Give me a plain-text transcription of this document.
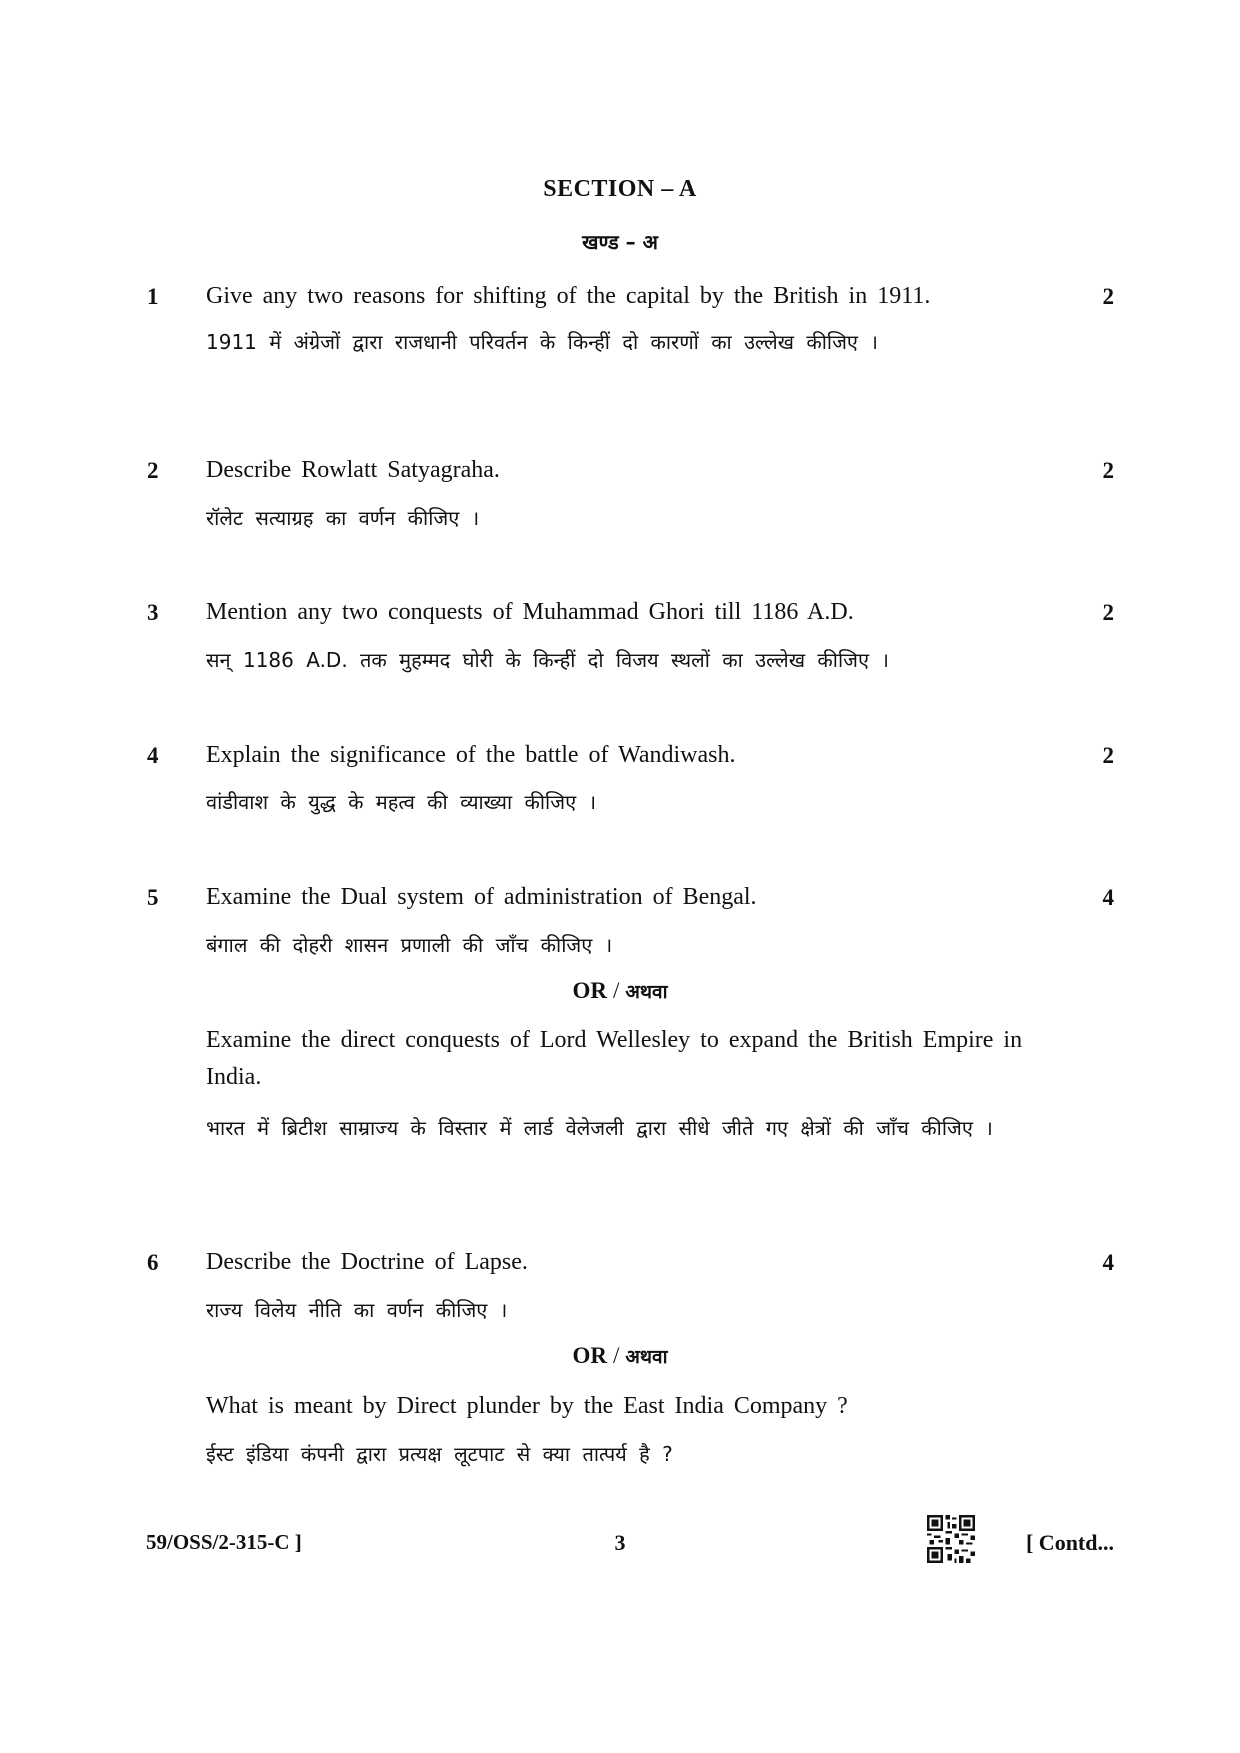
SECTION – A
खण्ड – अ
1 Give any two reasons for shifting of the capital by the British in 1911.	2
1911 में अंग्रेजों द्वारा राजधानी परिवर्तन के किन्हीं दो कारणों का उल्लेख कीजिए ।
2 Describe Rowlatt Satyagraha.	2
रॉलेट सत्याग्रह का वर्णन कीजिए ।
3 Mention any two conquests of Muhammad Ghori till 1186 A.D.	2
सन् 1186 A.D. तक मुहम्मद घोरी के किन्हीं दो विजय स्थलों का उल्लेख कीजिए ।
4 Explain the significance of the battle of Wandiwash.	2
वांडीवाश के युद्ध के महत्व की व्याख्या कीजिए ।
5 Examine the Dual system of administration of Bengal.	4
बंगाल की दोहरी शासन प्रणाली की जाँच कीजिए ।
OR / अथवा
Examine the direct conquests of Lord Wellesley to expand the British Empire in India.
भारत में ब्रिटीश साम्राज्य के विस्तार में लार्ड वेलेजली द्वारा सीधे जीते गए क्षेत्रों की जाँच कीजिए ।
6 Describe the Doctrine of Lapse.	4
राज्य विलेय नीति का वर्णन कीजिए ।
OR / अथवा
What is meant by Direct plunder by the East India Company ?
ईस्ट इंडिया कंपनी द्वारा प्रत्यक्ष लूटपाट से क्या तात्पर्य है ?
59/OSS/2-315-C ]	3	[ Contd...
